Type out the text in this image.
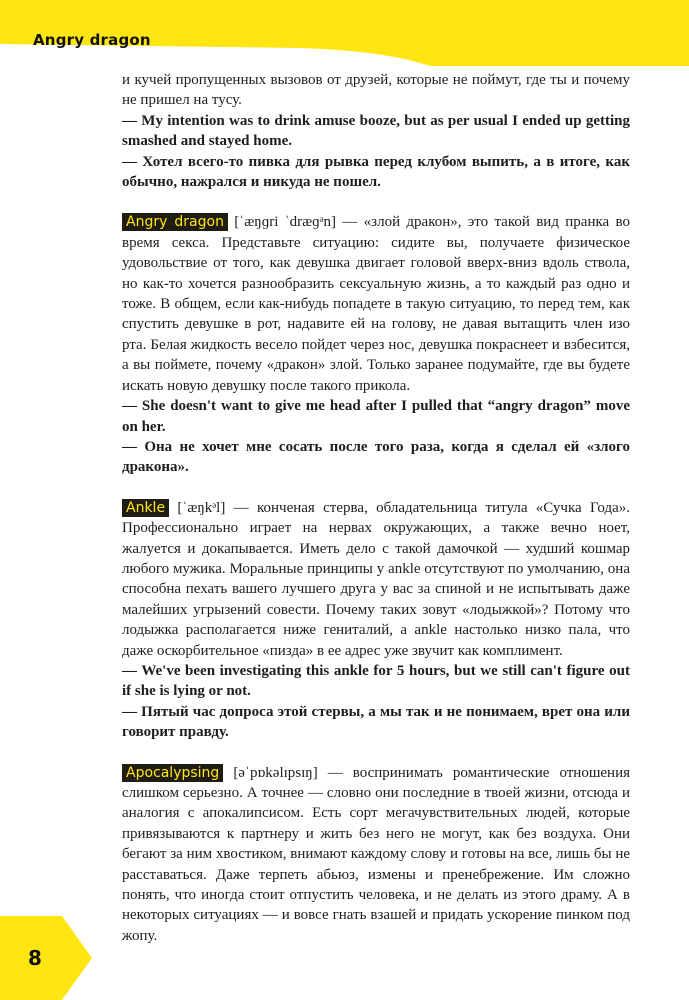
Angry dragon
8

и кучей пропущенных вызовов от друзей, которые не поймут, где ты и почему не пришел на тусу.

— My intention was to drink amuse booze, but as per usual I ended up getting smashed and stayed home.

— Хотел всего-то пивка для рывка перед клубом выпить, а в итоге, как обычно, нажрался и никуда не пошел.

Angry dragon [ˈæŋɡri ˈdræɡᵊn] — «злой дракон», это такой вид пранка во время секса. Представьте ситуацию: сидите вы, получаете физическое удовольствие от того, как девушка двигает головой вверх-вниз вдоль ствола, но как-то хочется разнообразить сексуальную жизнь, а то каждый раз одно и тоже. В общем, если как-нибудь попадете в такую ситуацию, то перед тем, как спустить девушке в рот, надавите ей на голову, не давая вытащить член изо рта. Белая жидкость весело пойдет через нос, девушка покраснеет и взбесится, а вы поймете, почему «дракон» злой. Только заранее подумайте, где вы будете искать новую девушку после такого прикола.

— She doesn't want to give me head after I pulled that “angry dragon” move on her.

— Она не хочет мне сосать после того раза, когда я сделал ей «злого дракона».

Ankle [ˈæŋkᵊl] — конченая стерва, обладательница титула «Сучка Года». Профессионально играет на нервах окружающих, а также вечно ноет, жалуется и докапывается. Иметь дело с такой дамочкой — худший кошмар любого мужика. Моральные принципы у ankle отсутствуют по умолчанию, она способна пехать вашего лучшего друга у вас за спиной и не испытывать даже малейших угрызений совести. Почему таких зовут «лодыжкой»? Потому что лодыжка располагается ниже гениталий, а ankle настолько низко пала, что даже оскорбительное «пизда» в ее адрес уже звучит как комплимент.

— We've been investigating this ankle for 5 hours, but we still can't figure out if she is lying or not.

— Пятый час допроса этой стервы, а мы так и не понимаем, врет она или говорит правду.

Apocalypsing [əˈpɒkəlɪpsɪŋ] — воспринимать романтические отношения слишком серьезно. А точнее — словно они последние в твоей жизни, отсюда и аналогия с апокалипсисом. Есть сорт мегачувствительных людей, которые привязываются к партнеру и жить без него не могут, как без воздуха. Они бегают за ним хвостиком, внимают каждому слову и готовы на все, лишь бы не расставаться. Даже терпеть абьюз, измены и пренебрежение. Им сложно понять, что иногда стоит отпустить человека, и не делать из этого драму. А в некоторых ситуациях — и вовсе гнать взашей и придать ускорение пинком под жопу.
